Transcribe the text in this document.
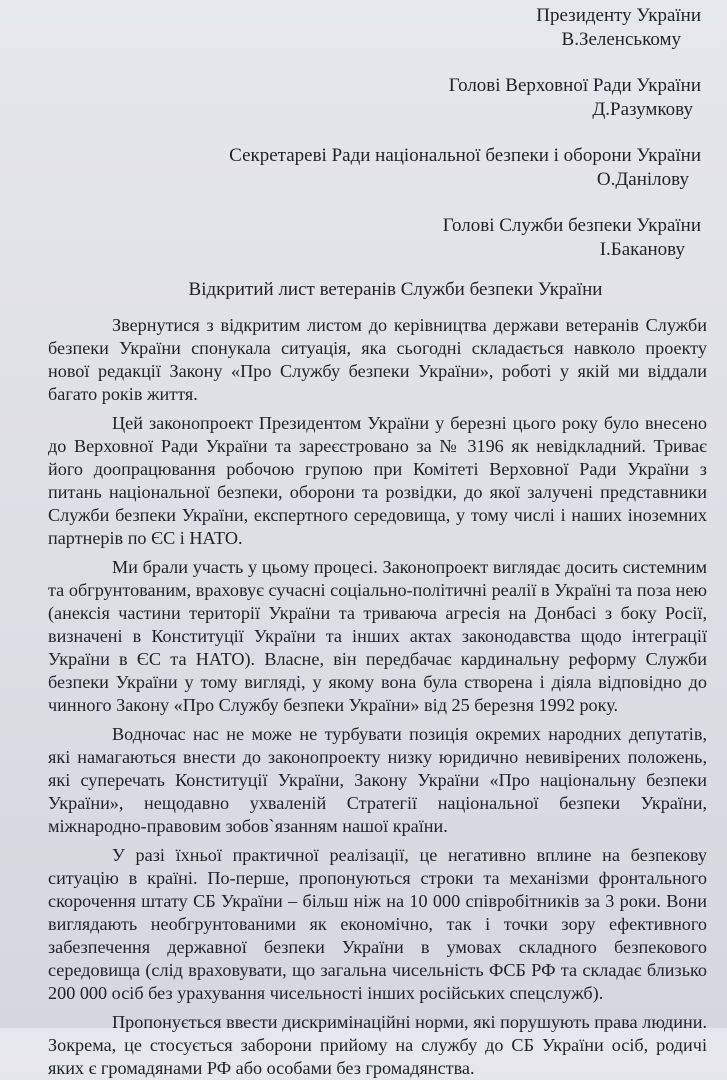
Президенту України
В.Зеленському
Голові Верховної Ради України
Д.Разумкову
Секретареві Ради національної безпеки і оборони України
О.Данілову
Голові Служби безпеки України
І.Баканову
Відкритий лист ветеранів Служби безпеки України

Звернутися з відкритим листом до керівництва держави ветеранів Служби безпеки України спонукала ситуація, яка сьогодні складається навколо проекту нової редакції Закону «Про Службу безпеки України», роботі у якій ми віддали багато років життя.

Цей законопроект Президентом України у березні цього року було внесено до Верховної Ради України та зареєстровано за № 3196 як невідкладний. Триває його доопрацювання робочою групою при Комітеті Верховної Ради України з питань національної безпеки, оборони та розвідки, до якої залучені представники Служби безпеки України, експертного середовища, у тому числі і наших іноземних партнерів по ЄС і НАТО.

Ми брали участь у цьому процесі. Законопроект виглядає досить системним та обгрунтованим, враховує сучасні соціально-політичні реалії в Україні та поза нею (анексія частини території України та триваюча агресія на Донбасі з боку Росії, визначені в Конституції України та інших актах законодавства щодо інтеграції України в ЄС та НАТО). Власне, він передбачає кардинальну реформу Служби безпеки України у тому вигляді, у якому вона була створена і діяла відповідно до чинного Закону «Про Службу безпеки України» від 25 березня 1992 року.

Водночас нас не може не турбувати позиція окремих народних депутатів, які намагаються внести до законопроекту низку юридично невивірених положень, які суперечать Конституції України, Закону України «Про національну безпеки України», нещодавно ухваленій Стратегії національної безпеки України, міжнародно-правовим зобов`язанням нашої країни.

У разі їхньої практичної реалізації, це негативно вплине на безпекову ситуацію в країні. По-перше, пропонуються строки та механізми фронтального скорочення штату СБ України – більш ніж на 10 000 співробітників за 3 роки. Вони виглядають необгрунтованими як економічно, так і точки зору ефективного забезпечення державної безпеки України в умовах складного безпекового середовища (слід враховувати, що загальна чисельність ФСБ РФ та складає близько 200 000 осіб без урахування чисельності інших російських спецслужб).

Пропонується ввести дискримінаційні норми, які порушують права людини. Зокрема, це стосується заборони прийому на службу до СБ України осіб, родичі яких є громадянами РФ або особами без громадянства.
